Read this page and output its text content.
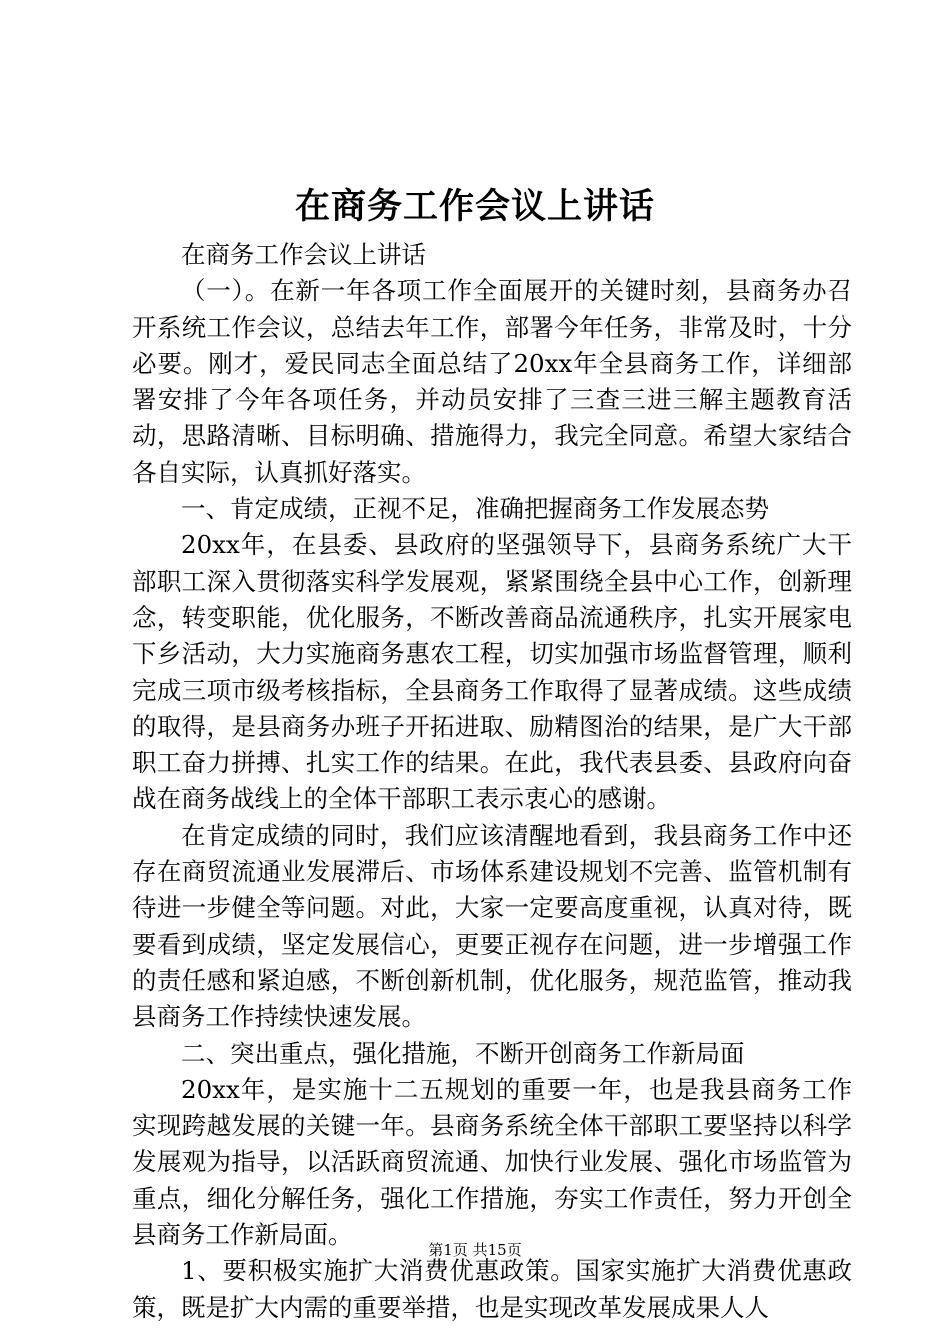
在商务工作会议上讲话

在商务工作会议上讲话

（一）。在新一年各项工作全面展开的关键时刻，县商务办召开系统工作会议，总结去年工作，部署今年任务，非常及时，十分必要。刚才，爱民同志全面总结了20xx年全县商务工作，详细部署安排了今年各项任务，并动员安排了三查三进三解主题教育活动，思路清晰、目标明确、措施得力，我完全同意。希望大家结合各自实际，认真抓好落实。

一、肯定成绩，正视不足，准确把握商务工作发展态势

20xx年，在县委、县政府的坚强领导下，县商务系统广大干部职工深入贯彻落实科学发展观，紧紧围绕全县中心工作，创新理念，转变职能，优化服务，不断改善商品流通秩序，扎实开展家电下乡活动，大力实施商务惠农工程，切实加强市场监督管理，顺利完成三项市级考核指标，全县商务工作取得了显著成绩。这些成绩的取得，是县商务办班子开拓进取、励精图治的结果，是广大干部职工奋力拼搏、扎实工作的结果。在此，我代表县委、县政府向奋战在商务战线上的全体干部职工表示衷心的感谢。

在肯定成绩的同时，我们应该清醒地看到，我县商务工作中还存在商贸流通业发展滞后、市场体系建设规划不完善、监管机制有待进一步健全等问题。对此，大家一定要高度重视，认真对待，既要看到成绩，坚定发展信心，更要正视存在问题，进一步增强工作的责任感和紧迫感，不断创新机制，优化服务，规范监管，推动我县商务工作持续快速发展。

二、突出重点，强化措施，不断开创商务工作新局面

20xx年，是实施十二五规划的重要一年，也是我县商务工作实现跨越发展的关键一年。县商务系统全体干部职工要坚持以科学发展观为指导，以活跃商贸流通、加快行业发展、强化市场监管为重点，细化分解任务，强化工作措施，夯实工作责任，努力开创全县商务工作新局面。

1、要积极实施扩大消费优惠政策。国家实施扩大消费优惠政策，既是扩大内需的重要举措，也是实现改革发展成果人人

第1页 共15页
